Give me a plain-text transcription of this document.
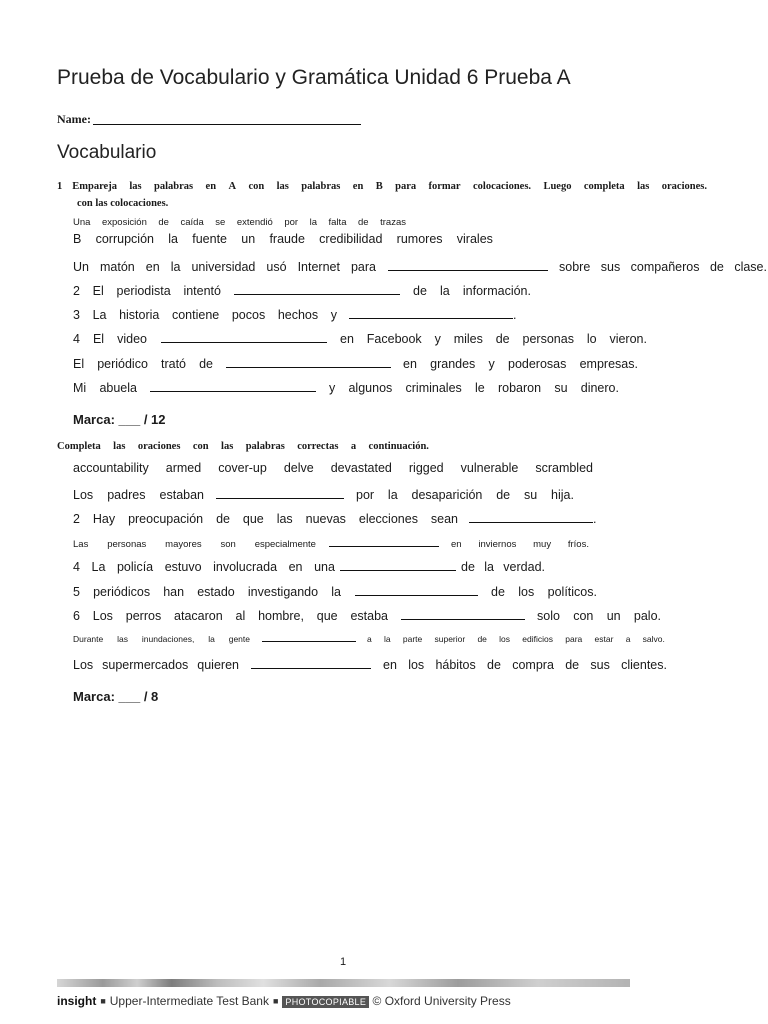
Prueba de Vocabulario y Gramática Unidad 6 Prueba A
Name:
Vocabulario
1 Empareja las palabras en A con las palabras en B para formar colocaciones. Luego completa las oraciones.
con las colocaciones.
Una exposición de caída se extendió por la falta de trazas
B corrupción la fuente un fraude credibilidad rumores virales
Un matón en la universidad usó Internet para	sobre sus compañeros de clase.
2 El periodista intentó	de la información.
3 La historia contiene pocos hechos y	.
4 El video	en Facebook y miles de personas lo vieron.
El periódico trató de	en grandes y poderosas empresas.
Mi abuela	y algunos criminales le robaron su dinero.
Marca: ___ / 12
Completa las oraciones con las palabras correctas a continuación.
accountability armed cover-up delve devastated rigged vulnerable scrambled
Los padres estaban	por la desaparición de su hija.
2 Hay preocupación de que las nuevas elecciones sean	.
Las personas mayores son especialmente	en inviernos muy fríos.
4 La policía estuvo involucrada en una	de la verdad.
5 periódicos han estado investigando la	de los políticos.
6 Los perros atacaron al hombre, que estaba	solo con un palo.
Durante las inundaciones, la gente	a la parte superior de los edificios para estar a salvo.
Los supermercados quieren	en los hábitos de compra de sus clientes.
Marca: ___ / 8
1
insight ■ Upper-Intermediate Test Bank ■ PHOTOCOPIABLE © Oxford University Press
